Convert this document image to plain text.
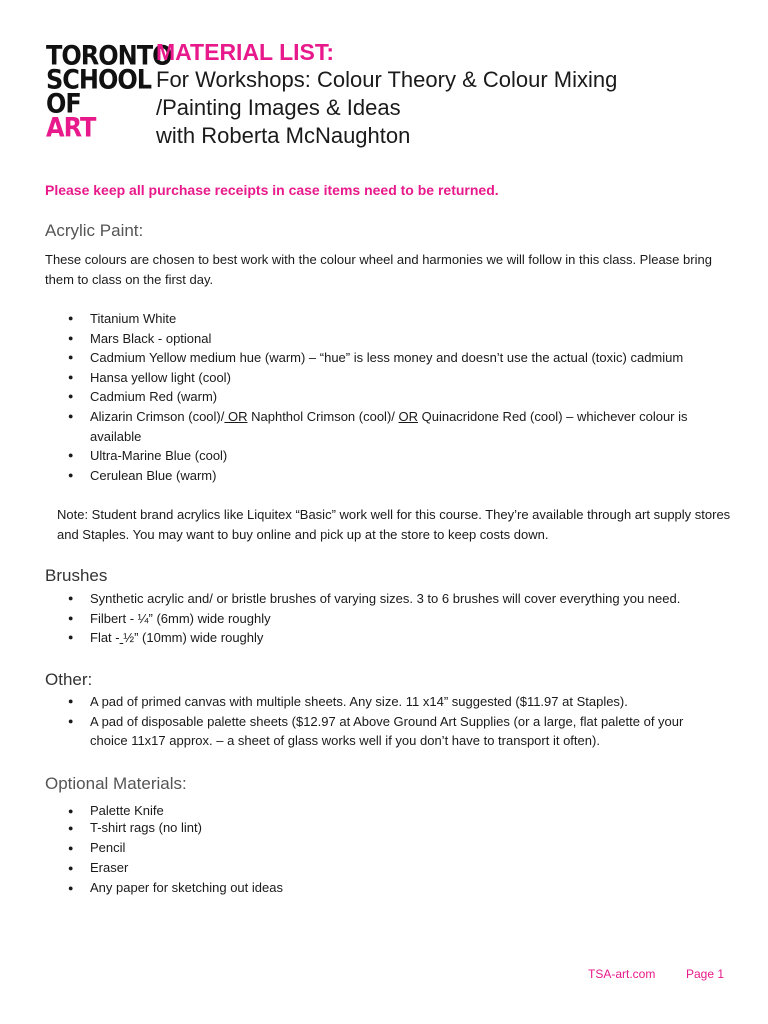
TORONTO
SCHOOL
OF
ART
MATERIAL LIST:
For Workshops: Colour Theory & Colour Mixing
/Painting Images & Ideas
with Roberta McNaughton
Please keep all purchase receipts in case items need to be returned.
Acrylic Paint:
These colours are chosen to best work with the colour wheel and harmonies we will follow in this class. Please bring them to class on the first day.
● Titanium White
● Mars Black - optional
● Cadmium Yellow medium hue (warm) – “hue” is less money and doesn’t use the actual (toxic) cadmium
● Hansa yellow light (cool)
● Cadmium Red (warm)
● Alizarin Crimson (cool)/ OR Naphthol Crimson (cool)/ OR Quinacridone Red (cool) – whichever colour is available
● Ultra-Marine Blue (cool)
● Cerulean Blue (warm)
Note: Student brand acrylics like Liquitex “Basic” work well for this course. They’re available through art supply stores and Staples. You may want to buy online and pick up at the store to keep costs down.
Brushes
● Synthetic acrylic and/ or bristle brushes of varying sizes. 3 to 6 brushes will cover everything you need.
● Filbert - ¼” (6mm) wide roughly
● Flat - ½” (10mm) wide roughly
Other:
● A pad of primed canvas with multiple sheets. Any size. 11 x14” suggested ($11.97 at Staples).
● A pad of disposable palette sheets ($12.97 at Above Ground Art Supplies (or a large, flat palette of your choice 11x17 approx. – a sheet of glass works well if you don’t have to transport it often).
Optional Materials:
● Palette Knife
● T-shirt rags (no lint)
● Pencil
● Eraser
● Any paper for sketching out ideas
TSA-art.com	Page 1
